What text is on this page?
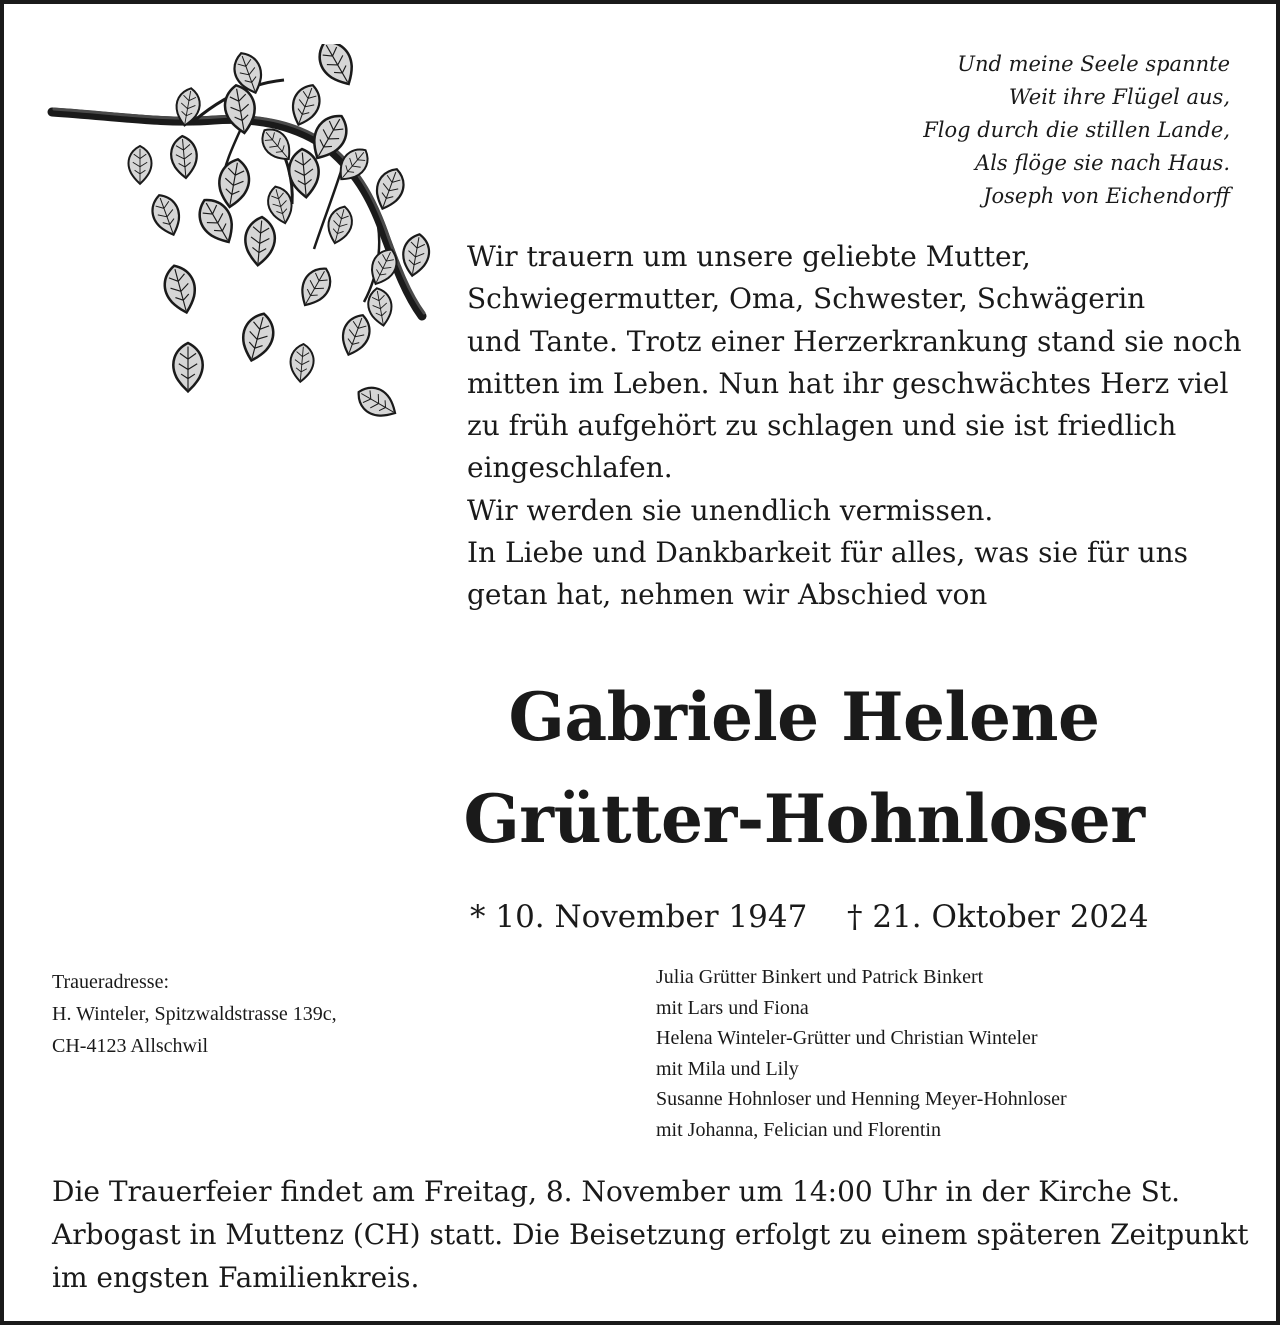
Und meine Seele spannte
Weit ihre Flügel aus,
Flog durch die stillen Lande,
Als flöge sie nach Haus.
Joseph von Eichendorff
Wir trauern um unsere geliebte Mutter,
Schwiegermutter, Oma, Schwester, Schwägerin
und Tante. Trotz einer Herzerkrankung stand sie noch
mitten im Leben. Nun hat ihr geschwächtes Herz viel
zu früh aufgehört zu schlagen und sie ist friedlich
eingeschlafen.
Wir werden sie unendlich vermissen.
In Liebe und Dankbarkeit für alles, was sie für uns
getan hat, nehmen wir Abschied von
Gabriele Helene
Grütter-Hohnloser
* 10. November 1947 † 21. Oktober 2024
Traueradresse:
H. Winteler, Spitzwaldstrasse 139c,
CH-4123 Allschwil
Julia Grütter Binkert und Patrick Binkert
mit Lars und Fiona
Helena Winteler-Grütter und Christian Winteler
mit Mila und Lily
Susanne Hohnloser und Henning Meyer-Hohnloser
mit Johanna, Felician und Florentin
Die Trauerfeier findet am Freitag, 8. November um 14:00 Uhr in der Kirche St.
Arbogast in Muttenz (CH) statt. Die Beisetzung erfolgt zu einem späteren Zeitpunkt
im engsten Familienkreis.
